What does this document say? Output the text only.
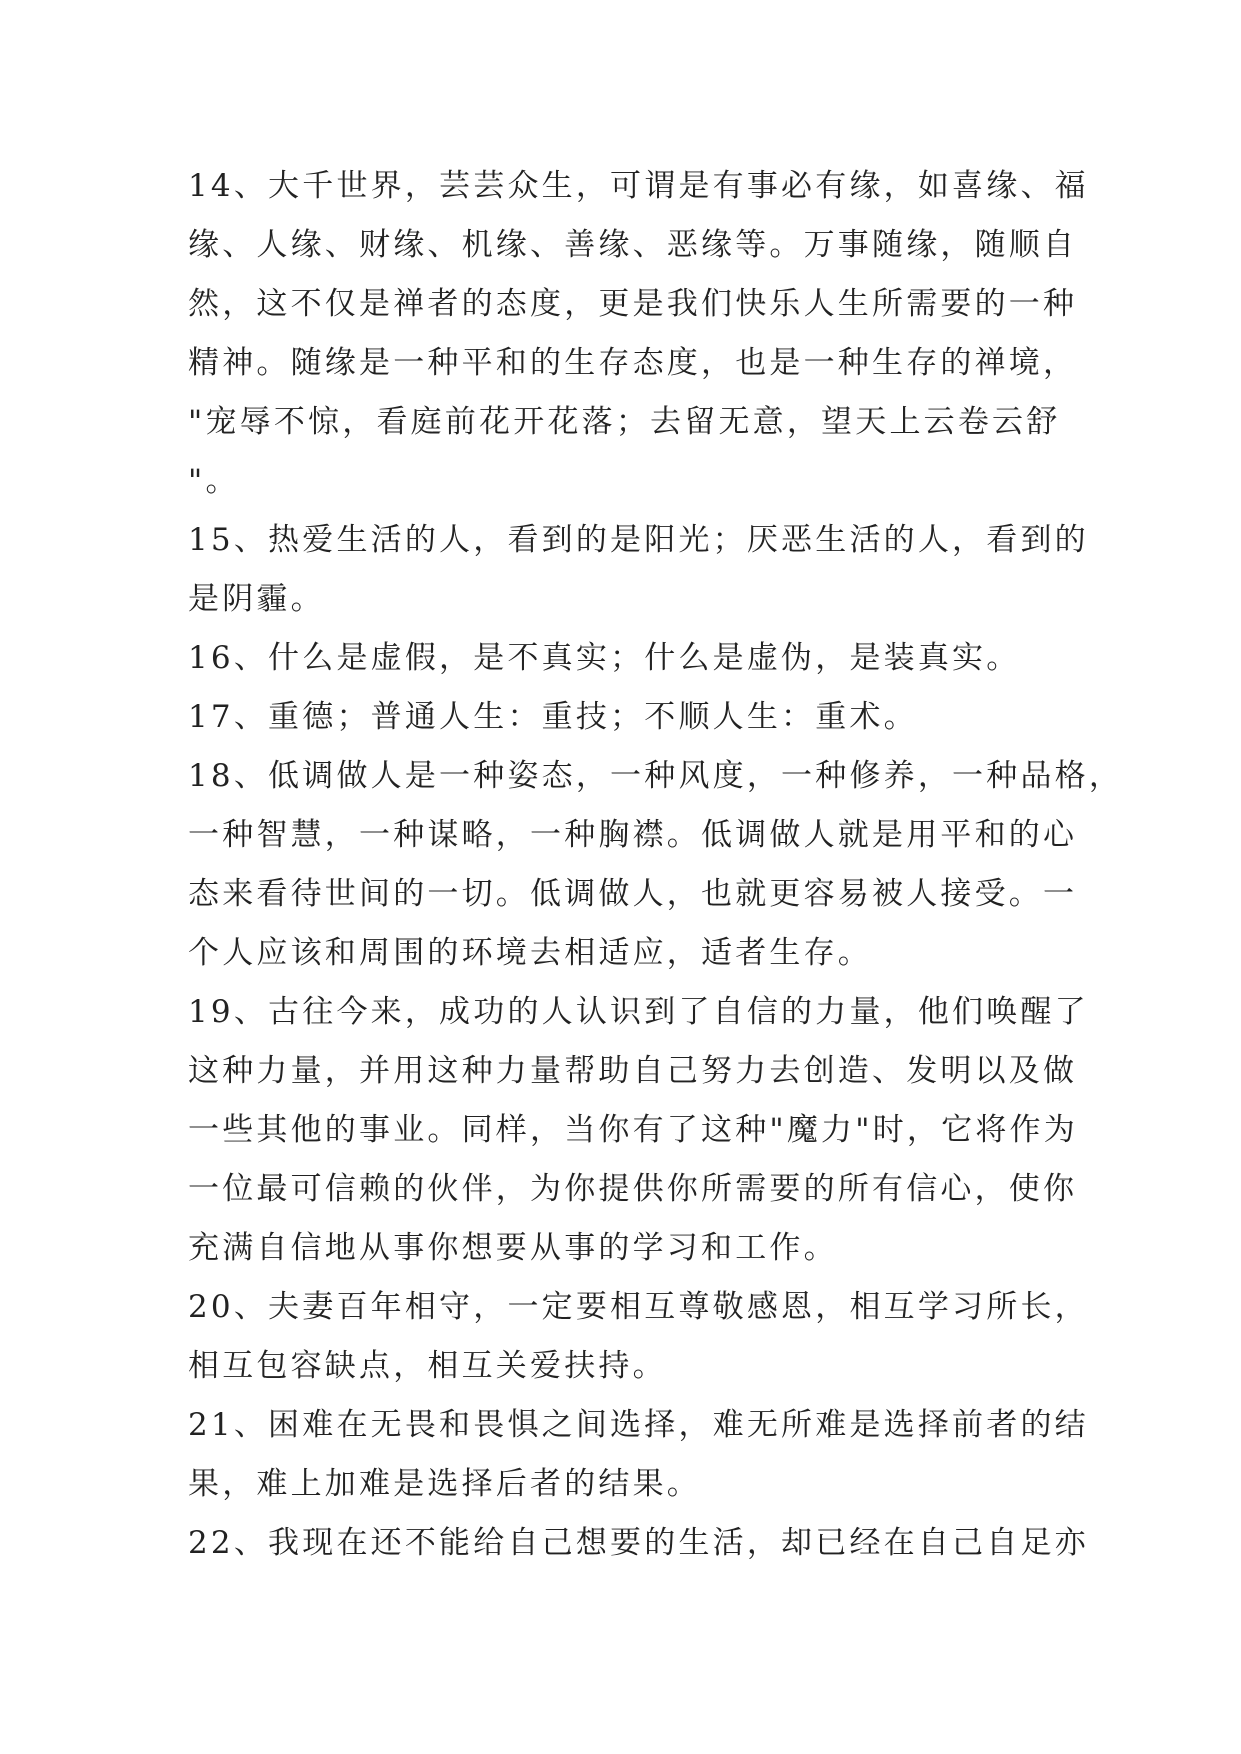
14、大千世界，芸芸众生，可谓是有事必有缘，如喜缘、福
缘、人缘、财缘、机缘、善缘、恶缘等。万事随缘，随顺自
然，这不仅是禅者的态度，更是我们快乐人生所需要的一种
精神。随缘是一种平和的生存态度，也是一种生存的禅境，
"宠辱不惊，看庭前花开花落；去留无意，望天上云卷云舒
"。
15、热爱生活的人，看到的是阳光；厌恶生活的人，看到的
是阴霾。
16、什么是虚假，是不真实；什么是虚伪，是装真实。
17、重德；普通人生：重技；不顺人生：重术。
18、低调做人是一种姿态，一种风度，一种修养，一种品格，
一种智慧，一种谋略，一种胸襟。低调做人就是用平和的心
态来看待世间的一切。低调做人，也就更容易被人接受。一
个人应该和周围的环境去相适应，适者生存。
19、古往今来，成功的人认识到了自信的力量，他们唤醒了
这种力量，并用这种力量帮助自己努力去创造、发明以及做
一些其他的事业。同样，当你有了这种"魔力"时，它将作为
一位最可信赖的伙伴，为你提供你所需要的所有信心，使你
充满自信地从事你想要从事的学习和工作。
20、夫妻百年相守，一定要相互尊敬感恩，相互学习所长，
相互包容缺点，相互关爱扶持。
21、困难在无畏和畏惧之间选择，难无所难是选择前者的结
果，难上加难是选择后者的结果。
22、我现在还不能给自己想要的生活，却已经在自己自足亦
